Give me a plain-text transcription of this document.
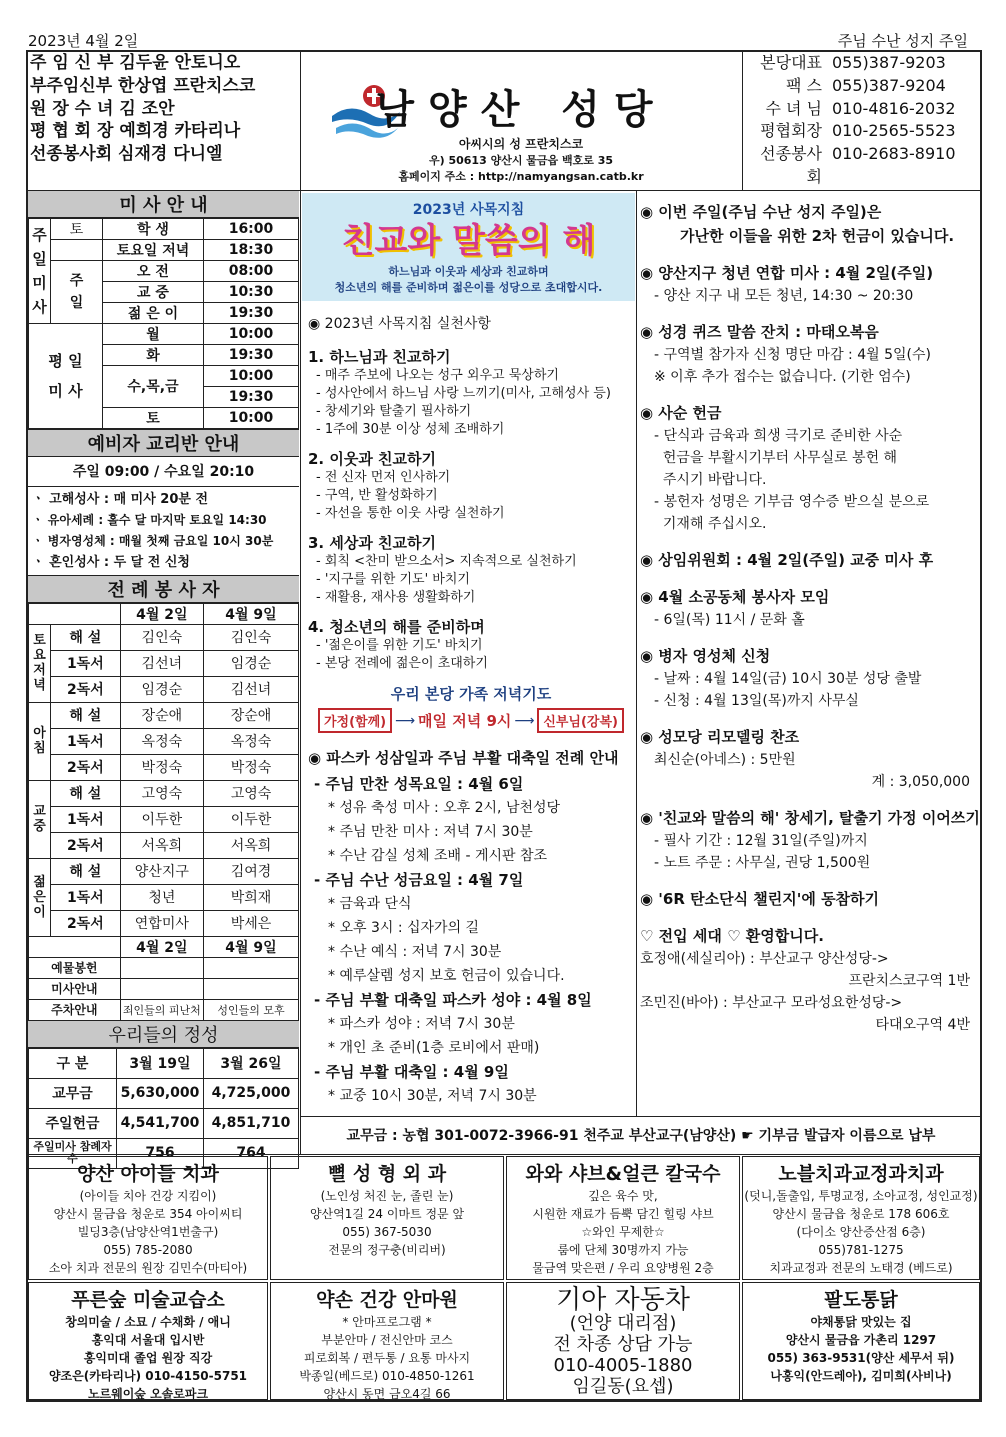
2023년 4월 2일	주님 수난 성지 주일
주 임 신 부 김두윤 안토니오
부주임신부 한상엽 프란치스코
원 장 수 녀 김 조안
평 협 회 장 예희경 카타리나
선종봉사회 심재경 다니엘
남양산 성당
아씨시의 성 프란치스코
우) 50613 양산시 물금읍 백호로 35
홈페이지 주소 : http://namyangsan.catb.kr
본당대표 055)387-9203
팩 스 055)387-9204
수 녀 님 010-4816-2032
평협회장 010-2565-5523
선종봉사회
010-2683-8910
미 사 안 내
주
일
미
사	토	학 생	16:00
		토요일 저녁	18:30
	주
일	오 전	08:00
		교 중	10:30
		젊 은 이	19:30
평 일
미 사		월	10:00
		화	19:30
		수,목,금	10:00
			19:30
		토	10:00
예비자 교리반 안내
주일 09:00 / 수요일 20:10
ㆍ 고해성사 : 매 미사 20분 전
ㆍ 유아세례 : 홀수 달 마지막 토요일 14:30
ㆍ 병자영성체 : 매월 첫째 금요일 10시 30분
ㆍ 혼인성사 : 두 달 전 신청
전 례 봉 사 자
		4월 2일	4월 9일
토요저녁	해 설	김인숙	김인숙
	1독서	김선녀	임경순
	2독서	임경순	김선녀
아침	해 설	장순애	장순애
	1독서	옥정숙	옥정숙
	2독서	박정숙	박정숙
교중	해 설	고영숙	고영숙
	1독서	이두한	이두한
	2독서	서옥희	서옥희
젊은이	해 설	양산지구	김여경
	1독서	청년	박희재
	2독서	연합미사	박세은
		4월 2일	4월 9일
예물봉헌			
미사안내			
주차안내		죄인들의 피난처	성인들의 모후
우리들의 정성
구 분	3월 19일	3월 26일
교무금	5,630,000	4,725,000
주일헌금	4,541,700	4,851,710
주일미사 참례자수	756	764
2023년 사목지침
친교와 말씀의 해
하느님과 이웃과 세상과 친교하며
청소년의 해를 준비하며 젊은이를 성당으로 초대합시다.

◉ 2023년 사목지침 실천사항

1. 하느님과 친교하기

- 매주 주보에 나오는 성구 외우고 묵상하기

- 성사안에서 하느님 사랑 느끼기(미사, 고해성사 등)

- 창세기와 탈출기 필사하기

- 1주에 30분 이상 성체 조배하기

2. 이웃과 친교하기

- 전 신자 먼저 인사하기

- 구역, 반 활성화하기

- 자선을 통한 이웃 사랑 실천하기

3. 세상과 친교하기

- 회칙 <찬미 받으소서> 지속적으로 실천하기

- '지구를 위한 기도' 바치기

- 재활용, 재사용 생활화하기

4. 청소년의 해를 준비하며

- '젊은이를 위한 기도' 바치기

- 본당 전례에 젊은이 초대하기

우리 본당 가족 저녁기도
가정(함께) ⟶ 매일 저녁 9시 ⟶ 신부님(강복)

◉ 파스카 성삼일과 주님 부활 대축일 전례 안내

- 주님 만찬 성목요일 : 4월 6일

* 성유 축성 미사 : 오후 2시, 남천성당

* 주님 만찬 미사 : 저녁 7시 30분

* 수난 감실 성체 조배 - 게시판 참조

- 주님 수난 성금요일 : 4월 7일

* 금육과 단식

* 오후 3시 : 십자가의 길

* 수난 예식 : 저녁 7시 30분

* 예루살렘 성지 보호 헌금이 있습니다.

- 주님 부활 대축일 파스카 성야 : 4월 8일

* 파스카 성야 : 저녁 7시 30분

* 개인 초 준비(1층 로비에서 판매)

- 주님 부활 대축일 : 4월 9일

* 교중 10시 30분, 저녁 7시 30분

◉ 이번 주일(주님 수난 성지 주일)은

가난한 이들을 위한 2차 헌금이 있습니다.

◉ 양산지구 청년 연합 미사 : 4월 2일(주일)

- 양산 지구 내 모든 청년, 14:30 ~ 20:30

◉ 성경 퀴즈 말씀 잔치 : 마태오복음

- 구역별 참가자 신청 명단 마감 : 4월 5일(수)

※ 이후 추가 접수는 없습니다. (기한 엄수)

◉ 사순 헌금

- 단식과 금육과 희생 극기로 준비한 사순

헌금을 부활시기부터 사무실로 봉헌 해

주시기 바랍니다.

- 봉헌자 성명은 기부금 영수증 받으실 분으로

기재해 주십시오.

◉ 상임위원회 : 4월 2일(주일) 교중 미사 후

◉ 4월 소공동체 봉사자 모임

- 6일(목) 11시 / 문화 홀

◉ 병자 영성체 신청

- 날짜 : 4월 14일(금) 10시 30분 성당 출발

- 신청 : 4월 13일(목)까지 사무실

◉ 성모당 리모델링 찬조

최신순(아네스) : 5만원

계 : 3,050,000

◉ '친교와 말씀의 해' 창세기, 탈출기 가정 이어쓰기

- 필사 기간 : 12월 31일(주일)까지

- 노트 주문 : 사무실, 권당 1,500원

◉ '6R 탄소단식 챌린지'에 동참하기

♡ 전입 세대 ♡ 환영합니다.

호정애(세실리아) : 부산교구 양산성당->

프란치스코구역 1반

조민진(바아) : 부산교구 모라성요한성당->

타대오구역 4반

교무금 : 농협 301-0072-3966-91 천주교 부산교구(남양산) ☛ 기부금 발급자 이름으로 납부
양산 아이들 치과
(아이들 치아 건강 지킴이)
양산시 물금읍 청운로 354 아이씨티
빌딩3층(남양산역1번출구)
055) 785-2080
소아 치과 전문의 원장 김민수(마티아)
뼐 성 형 외 과
(노인성 처진 눈, 졸린 눈)
양산역1길 24 이마트 정문 앞
055) 367-5030
전문의 정구충(비리버)
와와 샤브&얼큰 칼국수
깊은 육수 맛,
시원한 재료가 듬뿍 담긴 힐링 샤브
☆와인 무제한☆
룸에 단체 30명까지 가능
물금역 맞은편 / 우리 요양병원 2층
노블치과교정과치과
(덧니,돌출입, 투명교정, 소아교정, 성인교정)
양산시 물금읍 청운로 178 606호
(다이소 양산증산점 6층)
055)781-1275
치과교정과 전문의 노태경 (베드로)
푸른숲 미술교습소
창의미술 / 소묘 / 수채화 / 애니
홍익대 서울대 입시반
홍익미대 졸업 원장 직강
양조은(카타리나) 010-4150-5751
노르웨이숲 오솔로파크
약손 건강 안마원
* 안마프로그램 *
부분안마 / 전신안마 코스
피로회복 / 편두통 / 요통 마사지
박종일(베드로) 010-4850-1261
양산시 동면 금오4길 66
기아 자동차
(언양 대리점)
전 차종 상담 가능
010-4005-1880
임길동(요셉)
팔도통닭
야채통닭 맛있는 집
양산시 물금읍 가촌리 1297
055) 363-9531(양산 세무서 뒤)
나홍익(안드레아), 김미희(사비나)
